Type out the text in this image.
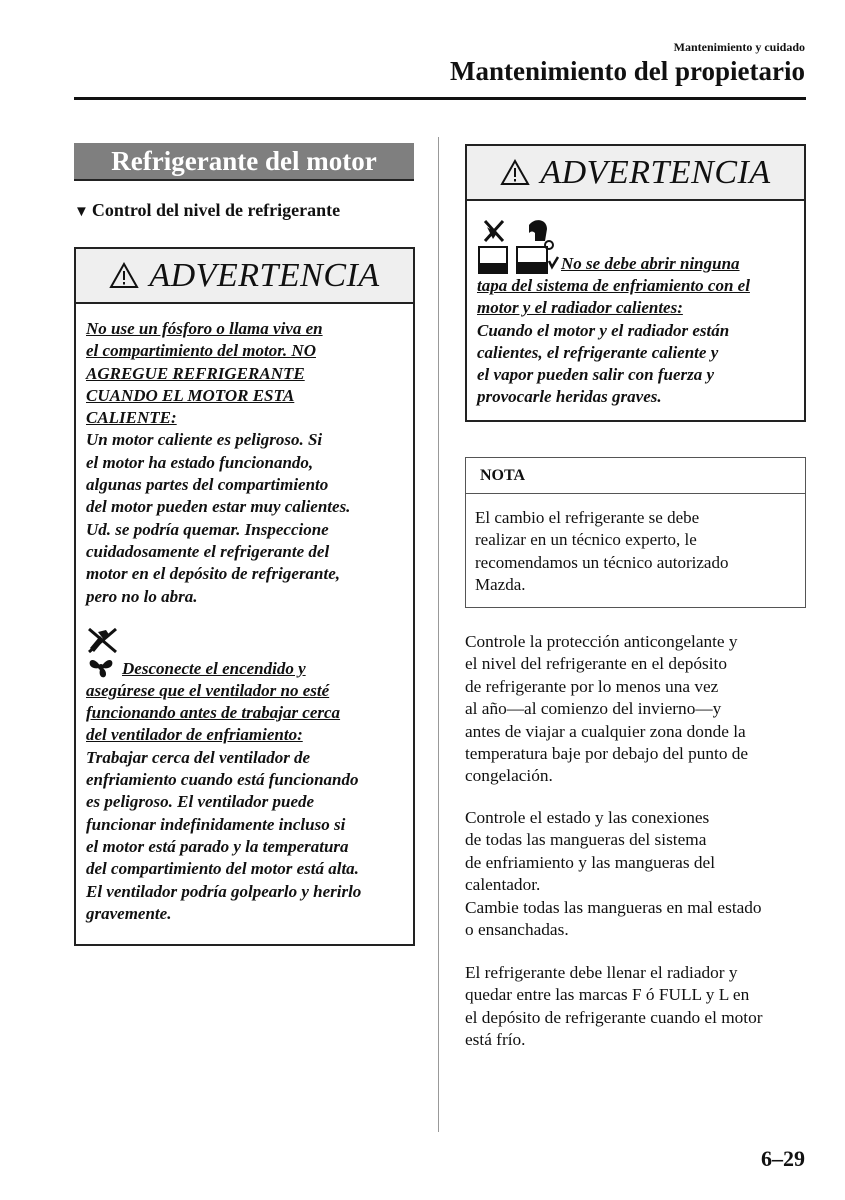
Mantenimiento y cuidado
Mantenimiento del propietario
Refrigerante del motor
▼ Control del nivel de refrigerante
ADVERTENCIA
No use un fósforo o llama viva en
el compartimiento del motor. NO
AGREGUE REFRIGERANTE
CUANDO EL MOTOR ESTA
CALIENTE:
Un motor caliente es peligroso. Si
el motor ha estado funcionando,
algunas partes del compartimiento
del motor pueden estar muy calientes.
Ud. se podría quemar. Inspeccione
cuidadosamente el refrigerante del
motor en el depósito de refrigerante,
pero no lo abra.
Desconecte el encendido y
asegúrese que el ventilador no esté
funcionando antes de trabajar cerca
del ventilador de enfriamiento:
Trabajar cerca del ventilador de
enfriamiento cuando está funcionando
es peligroso. El ventilador puede
funcionar indefinidamente incluso si
el motor está parado y la temperatura
del compartimiento del motor está alta.
El ventilador podría golpearlo y herirlo
gravemente.
ADVERTENCIA
No se debe abrir ninguna
tapa del sistema de enfriamiento con el
motor y el radiador calientes:
Cuando el motor y el radiador están
calientes, el refrigerante caliente y
el vapor pueden salir con fuerza y
provocarle heridas graves.
NOTA
El cambio el refrigerante se debe
realizar en un técnico experto, le
recomendamos un técnico autorizado
Mazda.
Controle la protección anticongelante y
el nivel del refrigerante en el depósito
de refrigerante por lo menos una vez
al año—al comienzo del invierno—y
antes de viajar a cualquier zona donde la
temperatura baje por debajo del punto de
congelación.
Controle el estado y las conexiones
de todas las mangueras del sistema
de enfriamiento y las mangueras del
calentador.
Cambie todas las mangueras en mal estado
o ensanchadas.
El refrigerante debe llenar el radiador y
quedar entre las marcas F ó FULL y L en
el depósito de refrigerante cuando el motor
está frío.
6–29
